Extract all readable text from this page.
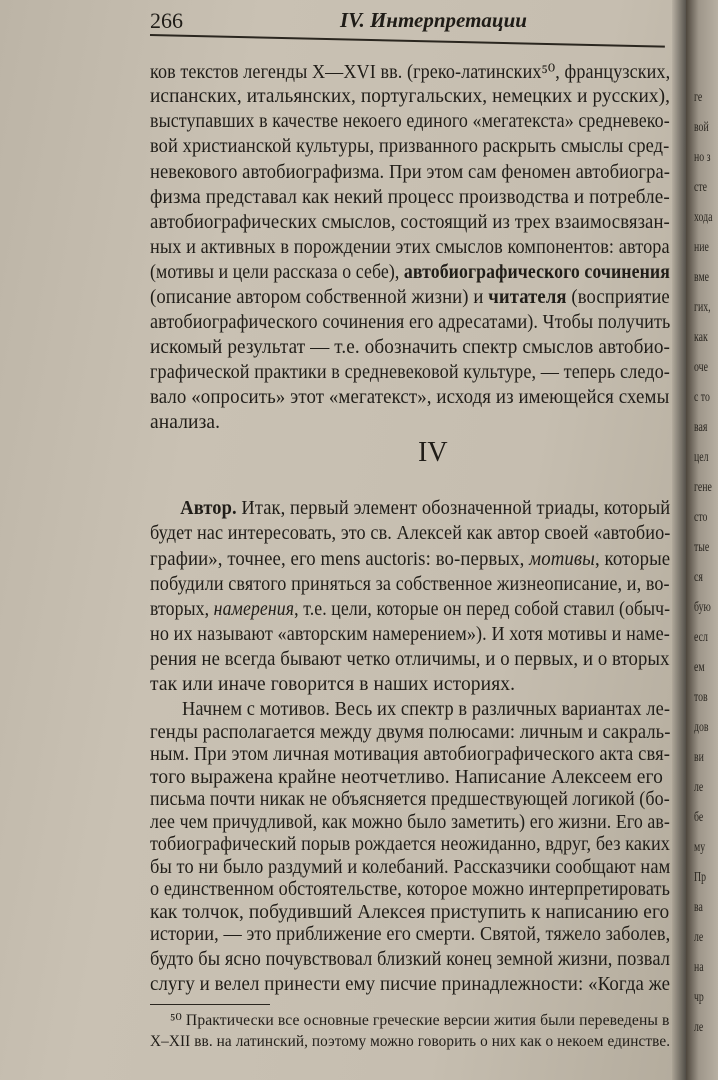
266	IV. Интерпретации
ков текстов легенды X—XVI вв. (греко-латинских⁵⁰, французских,
испанских, итальянских, португальских, немецких и русских),
выступавших в качестве некоего единого «мегатекста» средневеко-
вой христианской культуры, призванного раскрыть смыслы сред-
невекового автобиографизма. При этом сам феномен автобиогра-
физма представал как некий процесс производства и потребле-
автобиографических смыслов, состоящий из трех взаимосвязан-
ных и активных в порождении этих смыслов компонентов: автора
(мотивы и цели рассказа о себе), автобиографического сочинения
(описание автором собственной жизни) и читателя (восприятие
автобиографического сочинения его адресатами). Чтобы получить
искомый результат — т.е. обозначить спектр смыслов автобио-
графической практики в средневековой культуре, — теперь следо-
вало «опросить» этот «мегатекст», исходя из имеющейся схемы
анализа.
IV
Автор. Итак, первый элемент обозначенной триады, который
будет нас интересовать, это св. Алексей как автор своей «автобио-
графии», точнее, его mens auctoris: во-первых, мотивы, которые
побудили святого приняться за собственное жизнеописание, и, во-
вторых, намерения, т.е. цели, которые он перед собой ставил (обыч-
но их называют «авторским намерением»). И хотя мотивы и наме-
рения не всегда бывают четко отличимы, и о первых, и о вторых
так или иначе говорится в наших историях.
Начнем с мотивов. Весь их спектр в различных вариантах ле-
генды располагается между двумя полюсами: личным и сакраль-
ным. При этом личная мотивация автобиографического акта свя-
того выражена крайне неотчетливо. Написание Алексеем его
письма почти никак не объясняется предшествующей логикой (бо-
лее чем причудливой, как можно было заметить) его жизни. Его ав-
тобиографический порыв рождается неожиданно, вдруг, без каких
бы то ни было раздумий и колебаний. Рассказчики сообщают нам
о единственном обстоятельстве, которое можно интерпретировать
как толчок, побудивший Алексея приступить к написанию его
истории, — это приближение его смерти. Святой, тяжело заболев,
будто бы ясно почувствовал близкий конец земной жизни, позвал
слугу и велел принести ему писчие принадлежности: «Когда же
⁵⁰ Практически все основные греческие версии жития были переведены в
X–XII вв. на латинский, поэтому можно говорить о них как о некоем единстве.
ге
вой
но з
сте
хода
ние
вме
гих,
как
оче
с то
вая
цел
гене
сто
тые
ся
бую
есл
ем
тов
дов
ви
ле
бе
му
Пр
ва
ле
на
чр
ле
